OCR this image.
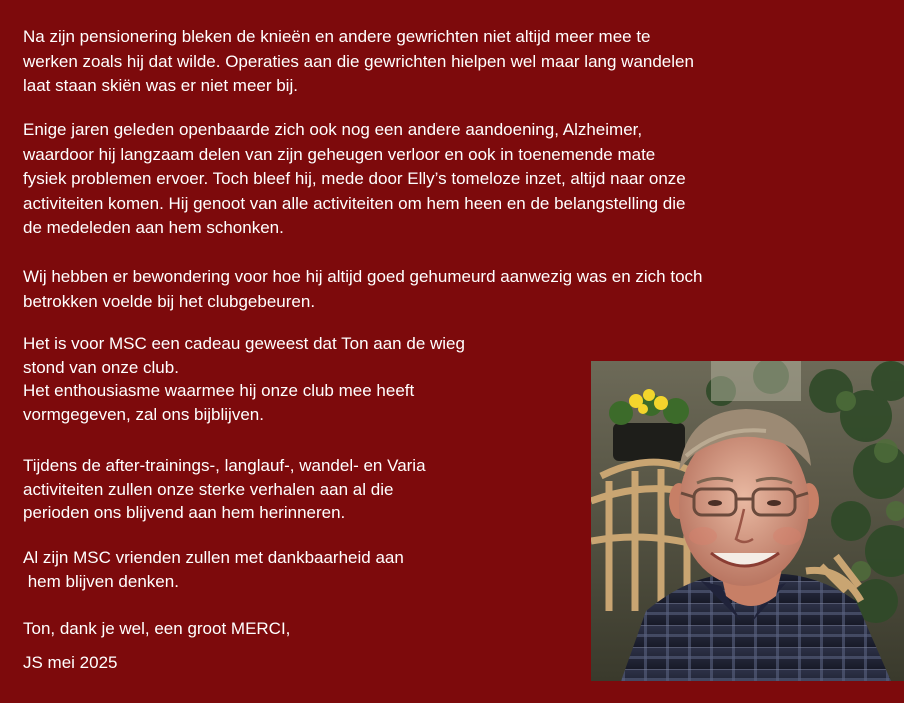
Na zijn pensionering bleken de knieën en andere gewrichten niet altijd meer mee te
werken zoals hij dat wilde. Operaties aan die gewrichten hielpen wel maar lang wandelen
laat staan skiën was er niet meer bij.

Enige jaren geleden openbaarde zich ook nog een andere aandoening, Alzheimer,
waardoor hij langzaam delen van zijn geheugen verloor en ook in toenemende mate
fysiek problemen ervoer. Toch bleef hij, mede door Elly’s tomeloze inzet, altijd naar onze
activiteiten komen. Hij genoot van alle activiteiten om hem heen en de belangstelling die
de medeleden aan hem schonken.

Wij hebben er bewondering voor hoe hij altijd goed gehumeurd aanwezig was en zich toch
betrokken voelde bij het clubgebeuren.

Het is voor MSC een cadeau geweest dat Ton aan de wieg
stond van onze club.
Het enthousiasme waarmee hij onze club mee heeft
vormgegeven, zal ons bijblijven.

Tijdens de after-trainings-, langlauf-, wandel- en Varia
activiteiten zullen onze sterke verhalen aan al die
perioden ons blijvend aan hem herinneren.

Al zijn MSC vrienden zullen met dankbaarheid aan
hem blijven denken.

Ton, dank je wel, een groot MERCI,

JS mei 2025
